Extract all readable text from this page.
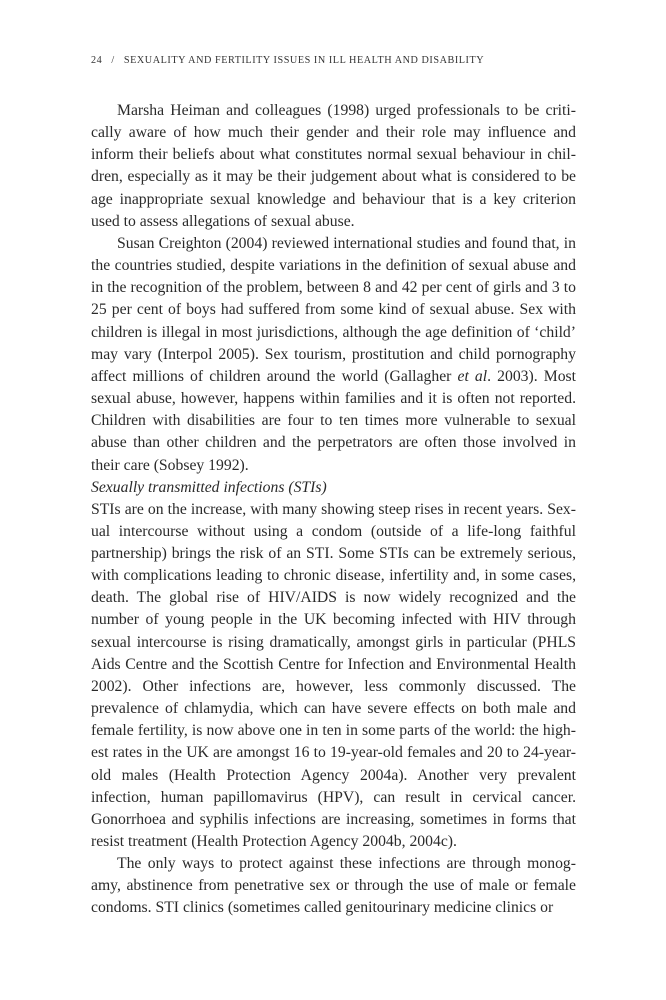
24 / SEXUALITY AND FERTILITY ISSUES IN ILL HEALTH AND DISABILITY

Marsha Heiman and colleagues (1998) urged professionals to be critically aware of how much their gender and their role may influence and inform their beliefs about what constitutes normal sexual behaviour in children, especially as it may be their judgement about what is considered to be age inappropriate sexual knowledge and behaviour that is a key criterion used to assess allegations of sexual abuse.

Susan Creighton (2004) reviewed international studies and found that, in the countries studied, despite variations in the definition of sexual abuse and in the recognition of the problem, between 8 and 42 per cent of girls and 3 to 25 per cent of boys had suffered from some kind of sexual abuse. Sex with children is illegal in most jurisdictions, although the age definition of ‘child’ may vary (Interpol 2005). Sex tourism, prostitution and child pornography affect millions of children around the world (Gallagher et al. 2003). Most sexual abuse, however, happens within families and it is often not reported. Children with disabilities are four to ten times more vulnerable to sexual abuse than other children and the perpetrators are often those involved in their care (Sobsey 1992).

Sexually transmitted infections (STIs)

STIs are on the increase, with many showing steep rises in recent years. Sexual intercourse without using a condom (outside of a life-long faithful partnership) brings the risk of an STI. Some STIs can be extremely serious, with complications leading to chronic disease, infertility and, in some cases, death. The global rise of HIV/AIDS is now widely recognized and the number of young people in the UK becoming infected with HIV through sexual intercourse is rising dramatically, amongst girls in particular (PHLS Aids Centre and the Scottish Centre for Infection and Environmental Health 2002). Other infections are, however, less commonly discussed. The prevalence of chlamydia, which can have severe effects on both male and female fertility, is now above one in ten in some parts of the world: the highest rates in the UK are amongst 16 to 19-year-old females and 20 to 24-year-old males (Health Protection Agency 2004a). Another very prevalent infection, human papillomavirus (HPV), can result in cervical cancer. Gonorrhoea and syphilis infections are increasing, sometimes in forms that resist treatment (Health Protection Agency 2004b, 2004c).

The only ways to protect against these infections are through monogamy, abstinence from penetrative sex or through the use of male or female condoms. STI clinics (sometimes called genitourinary medicine clinics or
